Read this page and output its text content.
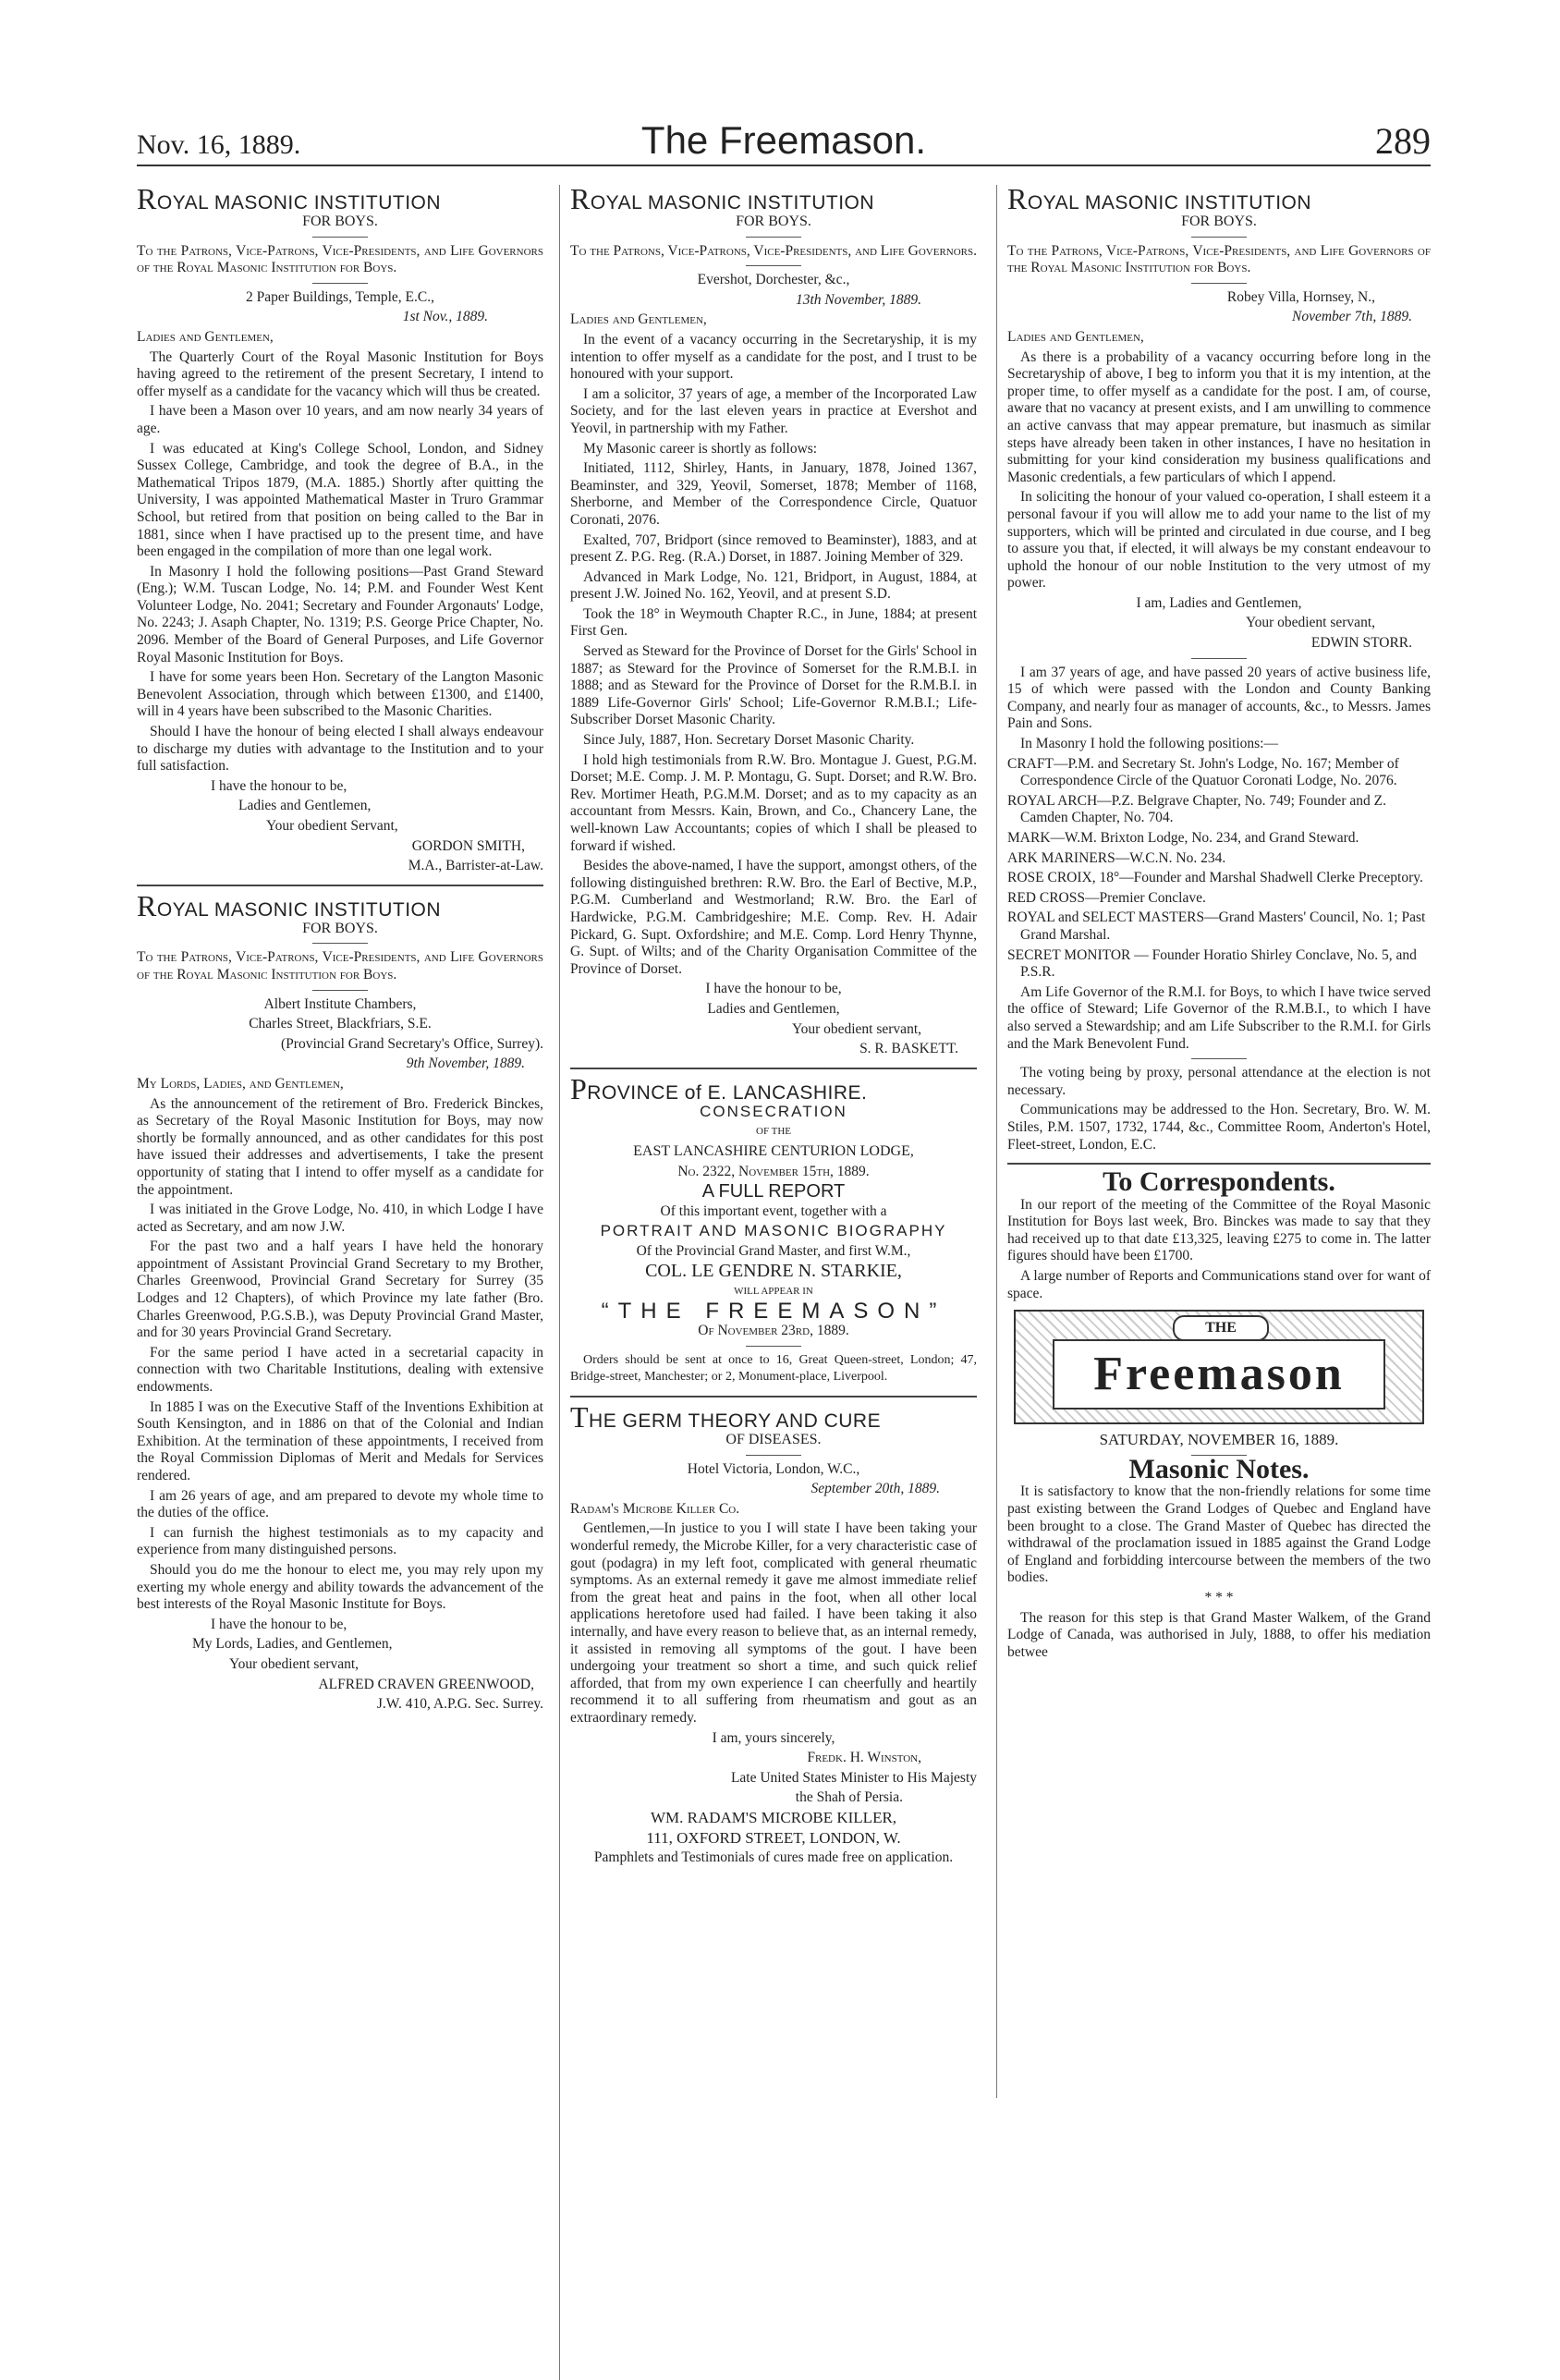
Nov. 16, 1889.	The Freemason.	289

ROYAL MASONIC INSTITUTION

FOR BOYS.

To the Patrons, Vice-Patrons, Vice-Presidents, and Life Governors of the Royal Masonic Institution for Boys.

2 Paper Buildings, Temple, E.C.,

1st Nov., 1889.

Ladies and Gentlemen,

The Quarterly Court of the Royal Masonic Institution for Boys having agreed to the retirement of the present Secretary, I intend to offer myself as a candidate for the vacancy which will thus be created.

I have been a Mason over 10 years, and am now nearly 34 years of age.

I was educated at King's College School, London, and Sidney Sussex College, Cambridge, and took the degree of B.A., in the Mathematical Tripos 1879, (M.A. 1885.) Shortly after quitting the University, I was appointed Mathematical Master in Truro Grammar School, but retired from that position on being called to the Bar in 1881, since when I have practised up to the present time, and have been engaged in the compilation of more than one legal work.

In Masonry I hold the following positions—Past Grand Steward (Eng.); W.M. Tuscan Lodge, No. 14; P.M. and Founder West Kent Volunteer Lodge, No. 2041; Secretary and Founder Argonauts' Lodge, No. 2243; J. Asaph Chapter, No. 1319; P.S. George Price Chapter, No. 2096. Member of the Board of General Purposes, and Life Governor Royal Masonic Institution for Boys.

I have for some years been Hon. Secretary of the Langton Masonic Benevolent Association, through which between £1300, and £1400, will in 4 years have been subscribed to the Masonic Charities.

Should I have the honour of being elected I shall always endeavour to discharge my duties with advantage to the Institution and to your full satisfaction.

I have the honour to be,

Ladies and Gentlemen,

Your obedient Servant,

GORDON SMITH,

M.A., Barrister-at-Law.

ROYAL MASONIC INSTITUTION

FOR BOYS.

To the Patrons, Vice-Patrons, Vice-Presidents, and Life Governors of the Royal Masonic Institution for Boys.

Albert Institute Chambers,

Charles Street, Blackfriars, S.E.

(Provincial Grand Secretary's Office, Surrey).

9th November, 1889.

My Lords, Ladies, and Gentlemen,

As the announcement of the retirement of Bro. Frederick Binckes, as Secretary of the Royal Masonic Institution for Boys, may now shortly be formally announced, and as other candidates for this post have issued their addresses and advertisements, I take the present opportunity of stating that I intend to offer myself as a candidate for the appointment.

I was initiated in the Grove Lodge, No. 410, in which Lodge I have acted as Secretary, and am now J.W.

For the past two and a half years I have held the honorary appointment of Assistant Provincial Grand Secretary to my Brother, Charles Greenwood, Provincial Grand Secretary for Surrey (35 Lodges and 12 Chapters), of which Province my late father (Bro. Charles Greenwood, P.G.S.B.), was Deputy Provincial Grand Master, and for 30 years Provincial Grand Secretary.

For the same period I have acted in a secretarial capacity in connection with two Charitable Institutions, dealing with extensive endowments.

In 1885 I was on the Executive Staff of the Inventions Exhibition at South Kensington, and in 1886 on that of the Colonial and Indian Exhibition. At the termination of these appointments, I received from the Royal Commission Diplomas of Merit and Medals for Services rendered.

I am 26 years of age, and am prepared to devote my whole time to the duties of the office.

I can furnish the highest testimonials as to my capacity and experience from many distinguished persons.

Should you do me the honour to elect me, you may rely upon my exerting my whole energy and ability towards the advancement of the best interests of the Royal Masonic Institute for Boys.

I have the honour to be,

My Lords, Ladies, and Gentlemen,

Your obedient servant,

ALFRED CRAVEN GREENWOOD,

J.W. 410, A.P.G. Sec. Surrey.

ROYAL MASONIC INSTITUTION

FOR BOYS.

To the Patrons, Vice-Patrons, Vice-Presidents, and Life Governors.

Evershot, Dorchester, &c.,

13th November, 1889.

Ladies and Gentlemen,

In the event of a vacancy occurring in the Secretaryship, it is my intention to offer myself as a candidate for the post, and I trust to be honoured with your support.

I am a solicitor, 37 years of age, a member of the Incorporated Law Society, and for the last eleven years in practice at Evershot and Yeovil, in partnership with my Father.

My Masonic career is shortly as follows:

Initiated, 1112, Shirley, Hants, in January, 1878, Joined 1367, Beaminster, and 329, Yeovil, Somerset, 1878; Member of 1168, Sherborne, and Member of the Correspondence Circle, Quatuor Coronati, 2076.

Exalted, 707, Bridport (since removed to Beaminster), 1883, and at present Z. P.G. Reg. (R.A.) Dorset, in 1887. Joining Member of 329.

Advanced in Mark Lodge, No. 121, Bridport, in August, 1884, at present J.W. Joined No. 162, Yeovil, and at present S.D.

Took the 18° in Weymouth Chapter R.C., in June, 1884; at present First Gen.

Served as Steward for the Province of Dorset for the Girls' School in 1887; as Steward for the Province of Somerset for the R.M.B.I. in 1888; and as Steward for the Province of Dorset for the R.M.B.I. in 1889 Life-Governor Girls' School; Life-Governor R.M.B.I.; Life-Subscriber Dorset Masonic Charity.

Since July, 1887, Hon. Secretary Dorset Masonic Charity.

I hold high testimonials from R.W. Bro. Montague J. Guest, P.G.M. Dorset; M.E. Comp. J. M. P. Montagu, G. Supt. Dorset; and R.W. Bro. Rev. Mortimer Heath, P.G.M.M. Dorset; and as to my capacity as an accountant from Messrs. Kain, Brown, and Co., Chancery Lane, the well-known Law Accountants; copies of which I shall be pleased to forward if wished.

Besides the above-named, I have the support, amongst others, of the following distinguished brethren: R.W. Bro. the Earl of Bective, M.P., P.G.M. Cumberland and Westmorland; R.W. Bro. the Earl of Hardwicke, P.G.M. Cambridgeshire; M.E. Comp. Rev. H. Adair Pickard, G. Supt. Oxfordshire; and M.E. Comp. Lord Henry Thynne, G. Supt. of Wilts; and of the Charity Organisation Committee of the Province of Dorset.

I have the honour to be,

Ladies and Gentlemen,

Your obedient servant,

S. R. BASKETT.

PROVINCE of E. LANCASHIRE.

CONSECRATION

OF THE

EAST LANCASHIRE CENTURION LODGE,

No. 2322, November 15th, 1889.

A FULL REPORT

Of this important event, together with a

PORTRAIT AND MASONIC BIOGRAPHY

Of the Provincial Grand Master, and first W.M.,

COL. LE GENDRE N. STARKIE,

WILL APPEAR IN

“THE FREEMASON”

Of November 23rd, 1889.

Orders should be sent at once to 16, Great Queen-street, London; 47, Bridge-street, Manchester; or 2, Monument-place, Liverpool.

THE GERM THEORY AND CURE

OF DISEASES.

Hotel Victoria, London, W.C.,

September 20th, 1889.

Radam's Microbe Killer Co.

Gentlemen,—In justice to you I will state I have been taking your wonderful remedy, the Microbe Killer, for a very characteristic case of gout (podagra) in my left foot, complicated with general rheumatic symptoms. As an external remedy it gave me almost immediate relief from the great heat and pains in the foot, when all other local applications heretofore used had failed. I have been taking it also internally, and have every reason to believe that, as an internal remedy, it assisted in removing all symptoms of the gout. I have been undergoing your treatment so short a time, and such quick relief afforded, that from my own experience I can cheerfully and heartily recommend it to all suffering from rheumatism and gout as an extraordinary remedy.

I am, yours sincerely,

Fredk. H. Winston,

Late United States Minister to His Majesty

the Shah of Persia.

WM. RADAM'S MICROBE KILLER,

111, OXFORD STREET, LONDON, W.

Pamphlets and Testimonials of cures made free on application.

ROYAL MASONIC INSTITUTION

FOR BOYS.

To the Patrons, Vice-Patrons, Vice-Presidents, and Life Governors of the Royal Masonic Institution for Boys.

Robey Villa, Hornsey, N.,

November 7th, 1889.

Ladies and Gentlemen,

As there is a probability of a vacancy occurring before long in the Secretaryship of above, I beg to inform you that it is my intention, at the proper time, to offer myself as a candidate for the post. I am, of course, aware that no vacancy at present exists, and I am unwilling to commence an active canvass that may appear premature, but inasmuch as similar steps have already been taken in other instances, I have no hesitation in submitting for your kind consideration my business qualifications and Masonic credentials, a few particulars of which I append.

In soliciting the honour of your valued co-operation, I shall esteem it a personal favour if you will allow me to add your name to the list of my supporters, which will be printed and circulated in due course, and I beg to assure you that, if elected, it will always be my constant endeavour to uphold the honour of our noble Institution to the very utmost of my power.

I am, Ladies and Gentlemen,

Your obedient servant,

EDWIN STORR.

I am 37 years of age, and have passed 20 years of active business life, 15 of which were passed with the London and County Banking Company, and nearly four as manager of accounts, &c., to Messrs. James Pain and Sons.

In Masonry I hold the following positions:—

CRAFT—P.M. and Secretary St. John's Lodge, No. 167; Member of Correspondence Circle of the Quatuor Coronati Lodge, No. 2076.

ROYAL ARCH—P.Z. Belgrave Chapter, No. 749; Founder and Z. Camden Chapter, No. 704.

MARK—W.M. Brixton Lodge, No. 234, and Grand Steward.

ARK MARINERS—W.C.N. No. 234.

ROSE CROIX, 18°—Founder and Marshal Shadwell Clerke Preceptory.

RED CROSS—Premier Conclave.

ROYAL and SELECT MASTERS—Grand Masters' Council, No. 1; Past Grand Marshal.

SECRET MONITOR — Founder Horatio Shirley Conclave, No. 5, and P.S.R.

Am Life Governor of the R.M.I. for Boys, to which I have twice served the office of Steward; Life Governor of the R.M.B.I., to which I have also served a Stewardship; and am Life Subscriber to the R.M.I. for Girls and the Mark Benevolent Fund.

The voting being by proxy, personal attendance at the election is not necessary.

Communications may be addressed to the Hon. Secretary, Bro. W. M. Stiles, P.M. 1507, 1732, 1744, &c., Committee Room, Anderton's Hotel, Fleet-street, London, E.C.

To Correspondents.

In our report of the meeting of the Committee of the Royal Masonic Institution for Boys last week, Bro. Binckes was made to say that they had received up to that date £13,325, leaving £275 to come in. The latter figures should have been £1700.

A large number of Reports and Communications stand over for want of space.

THE
Freemason

SATURDAY, NOVEMBER 16, 1889.

Masonic Notes.

It is satisfactory to know that the non-friendly relations for some time past existing between the Grand Lodges of Quebec and England have been brought to a close. The Grand Master of Quebec has directed the withdrawal of the proclamation issued in 1885 against the Grand Lodge of England and forbidding intercourse between the members of the two bodies.

* * *

The reason for this step is that Grand Master Walkem, of the Grand Lodge of Canada, was authorised in July, 1888, to offer his mediation betwee
